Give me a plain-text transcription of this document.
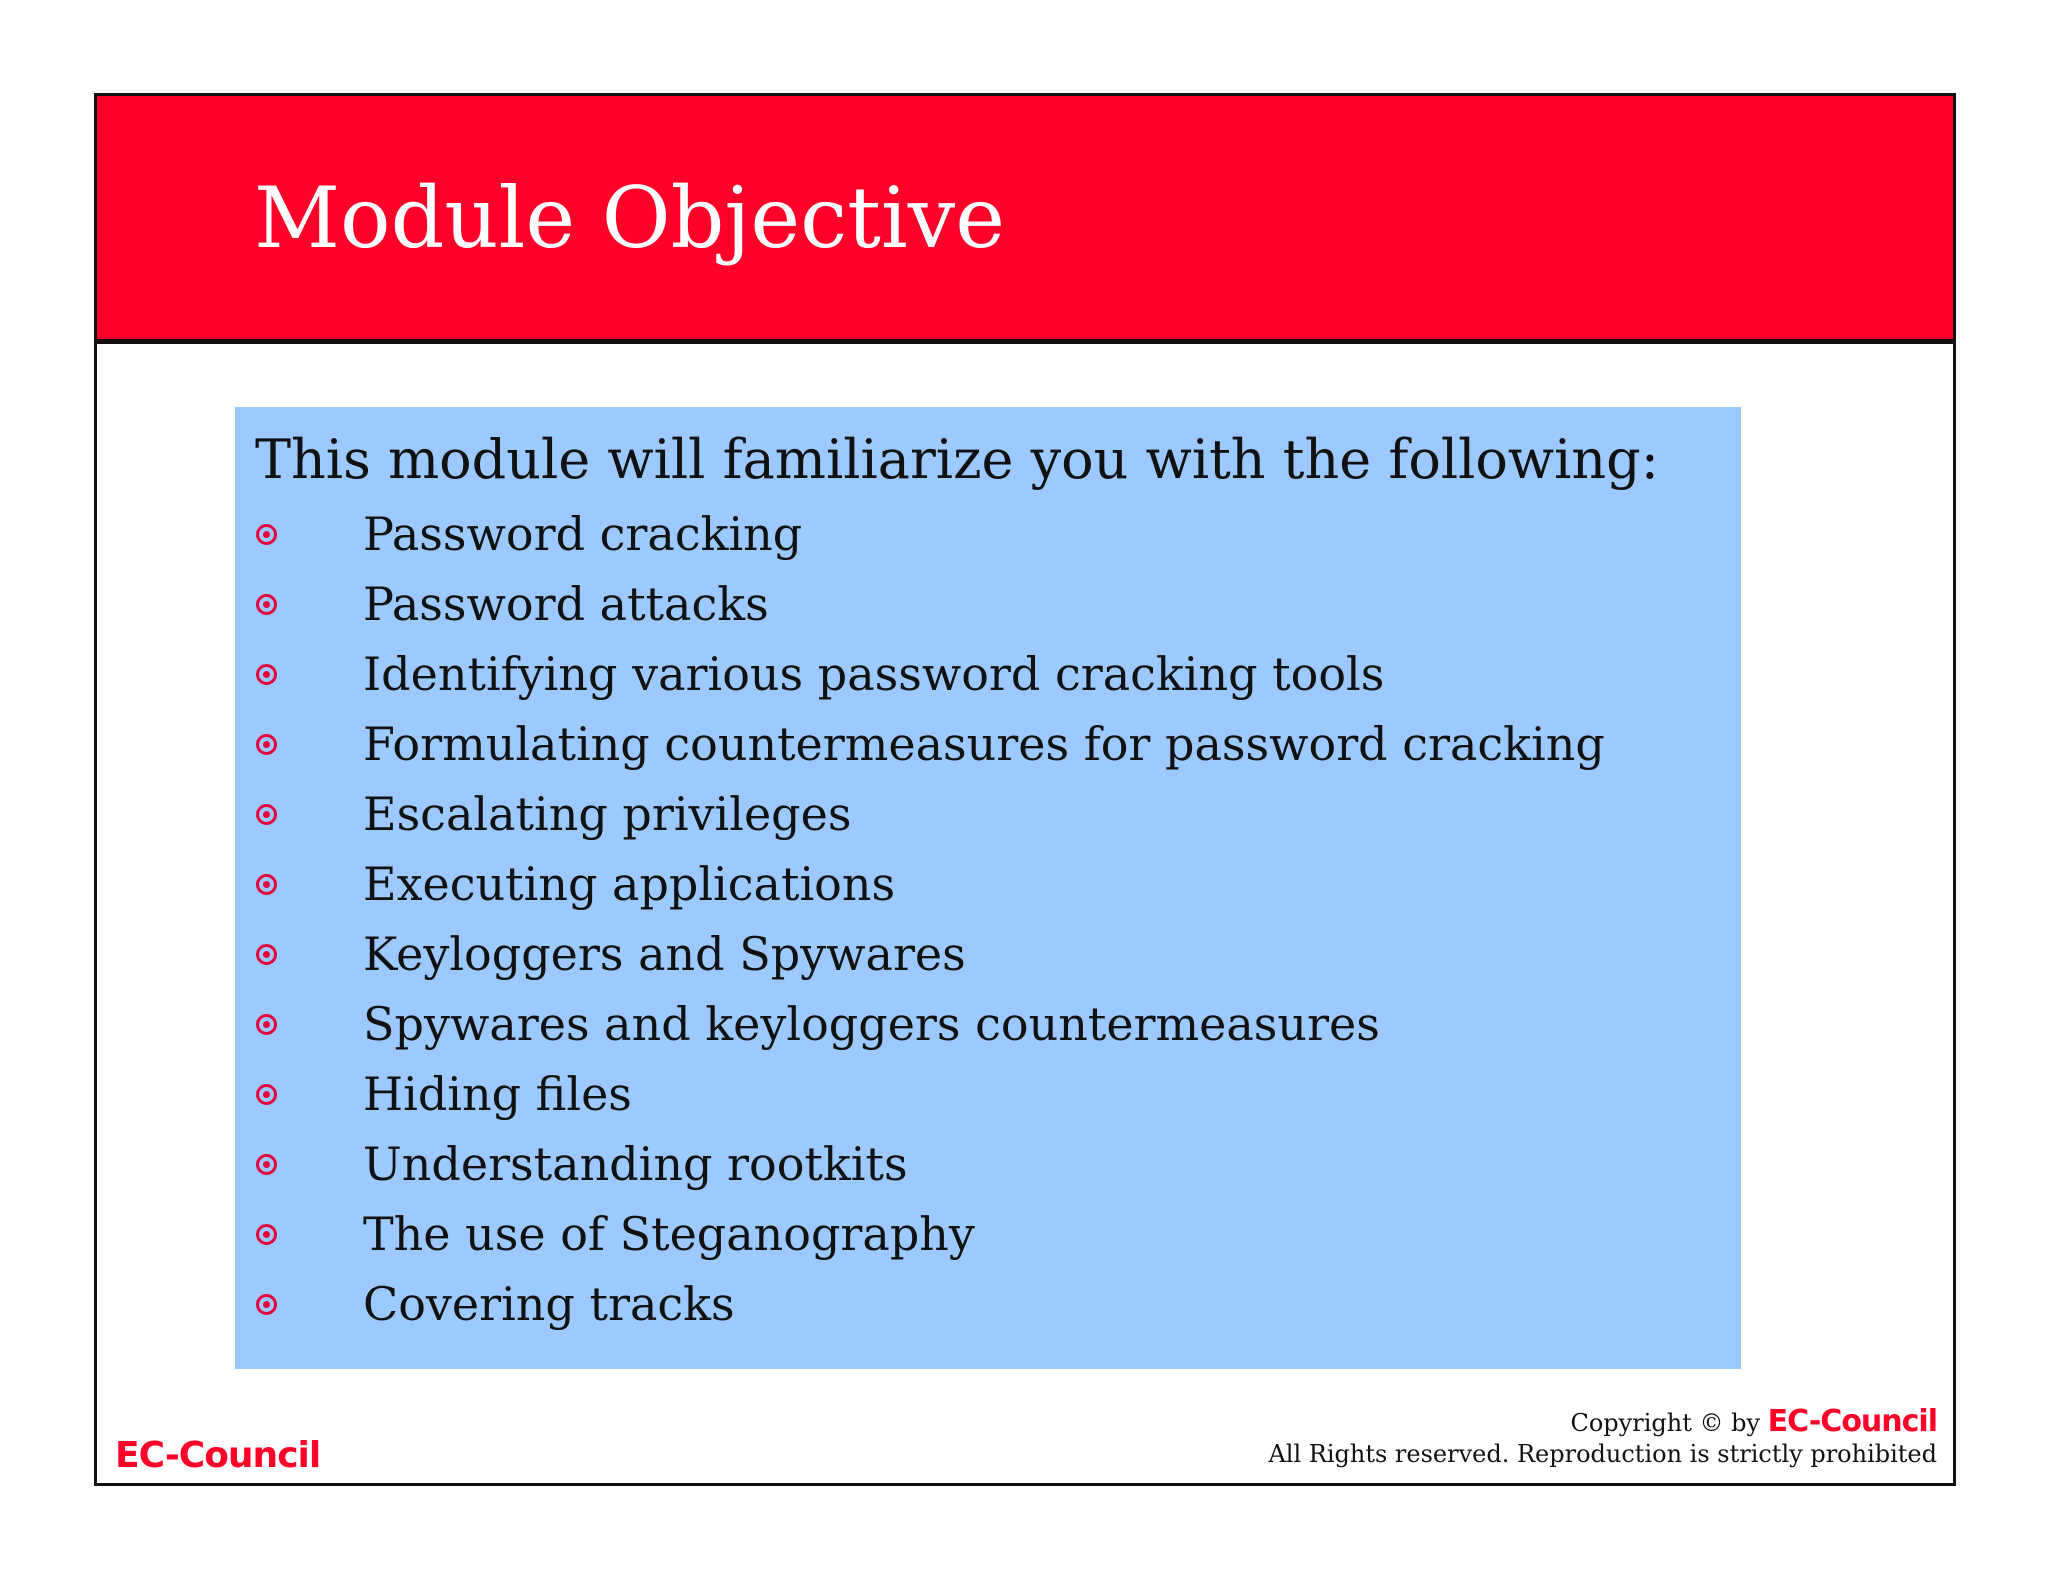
Module Objective

This module will familiarize you with the following:

Password cracking
Password attacks
Identifying various password cracking tools
Formulating countermeasures for password cracking
Escalating privileges
Executing applications
Keyloggers and Spywares
Spywares and keyloggers countermeasures
Hiding files
Understanding rootkits
The use of Steganography
Covering tracks
EC-Council
Copyright © by EC-Council
All Rights reserved. Reproduction is strictly prohibited
